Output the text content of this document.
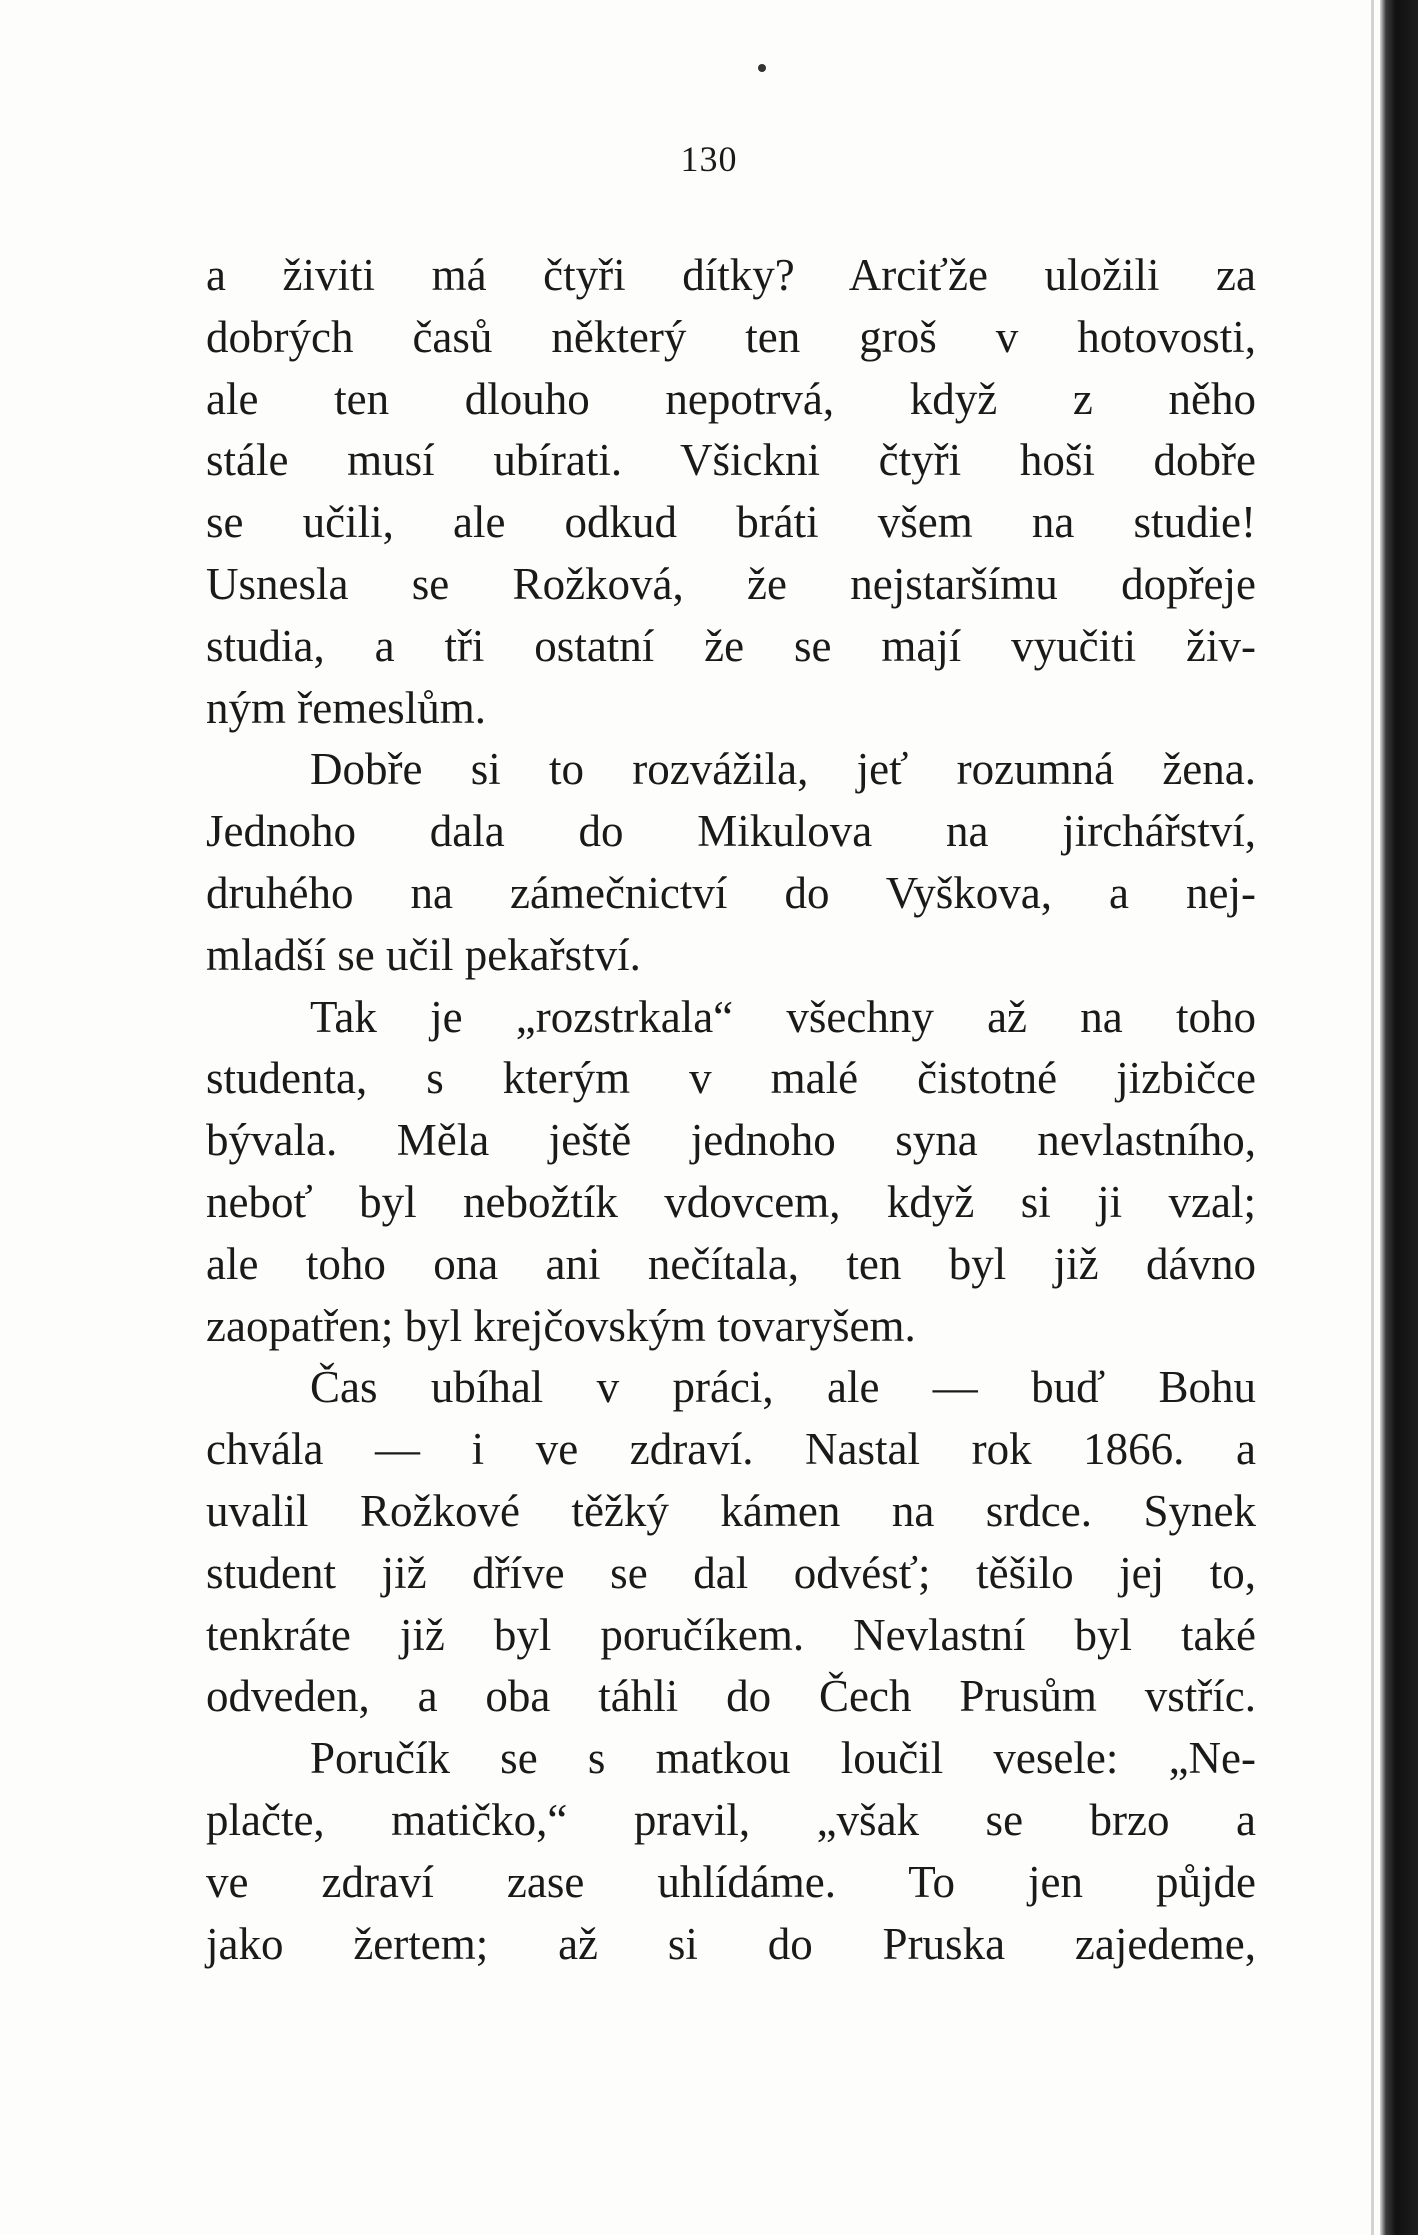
130
a živiti má čtyři dítky? Arciťže uložili za
dobrých časů některý ten groš v hotovosti,
ale ten dlouho nepotrvá, když z něho
stále musí ubírati. Všickni čtyři hoši dobře
se učili, ale odkud bráti všem na studie!
Usnesla se Rožková, že nejstaršímu dopřeje
studia, a tři ostatní že se mají vyučiti živ-
ným řemeslům.
Dobře si to rozvážila, jeť rozumná žena.
Jednoho dala do Mikulova na jirchářství,
druhého na zámečnictví do Vyškova, a nej-
mladší se učil pekařství.
Tak je „rozstrkala“ všechny až na toho
studenta, s kterým v malé čistotné jizbičce
bývala. Měla ještě jednoho syna nevlastního,
neboť byl nebožtík vdovcem, když si ji vzal;
ale toho ona ani nečítala, ten byl již dávno
zaopatřen; byl krejčovským tovaryšem.
Čas ubíhal v práci, ale — buď Bohu
chvála — i ve zdraví. Nastal rok 1866. a
uvalil Rožkové těžký kámen na srdce. Synek
student již dříve se dal odvésť; těšilo jej to,
tenkráte již byl poručíkem. Nevlastní byl také
odveden, a oba táhli do Čech Prusům vstříc.
Poručík se s matkou loučil vesele: „Ne-
plačte, matičko,“ pravil, „však se brzo a
ve zdraví zase uhlídáme. To jen půjde
jako žertem; až si do Pruska zajedeme,
